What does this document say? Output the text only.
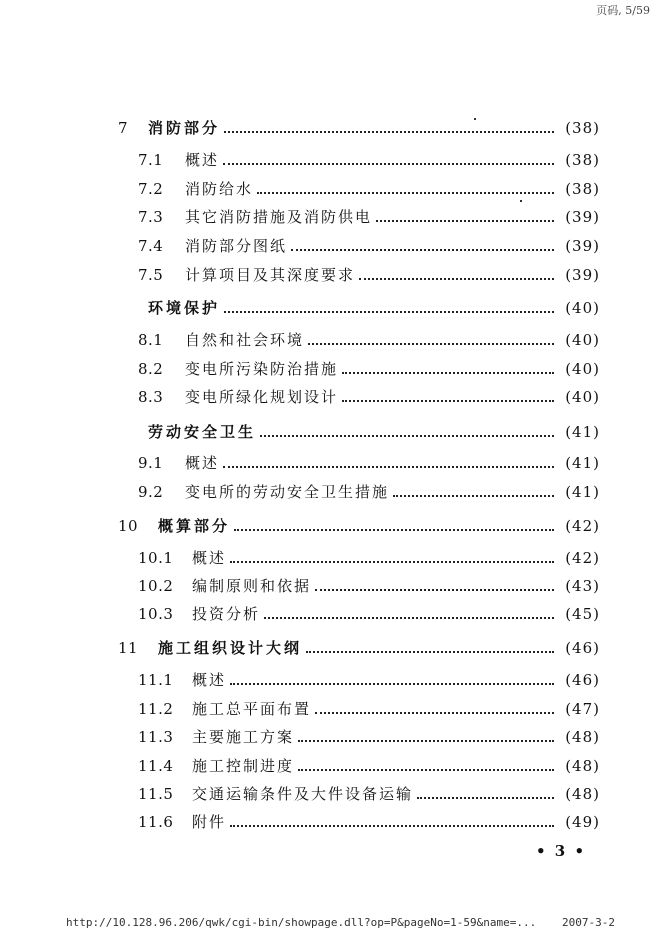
页码, 5/59
7 消防部分	(38)
7.1 概述	(38)
7.2 消防给水	(38)
7.3 其它消防措施及消防供电	(39)
7.4 消防部分图纸	(39)
7.5 计算项目及其深度要求	(39)
环境保护	(40)
8.1 自然和社会环境	(40)
8.2 变电所污染防治措施	(40)
8.3 变电所绿化规划设计	(40)
劳动安全卫生	(41)
9.1 概述	(41)
9.2 变电所的劳动安全卫生措施	(41)
10 概算部分	(42)
10.1 概述	(42)
10.2 编制原则和依据	(43)
10.3 投资分析	(45)
11 施工组织设计大纲	(46)
11.1 概述	(46)
11.2 施工总平面布置	(47)
11.3 主要施工方案	(48)
11.4 施工控制进度	(48)
11.5 交通运输条件及大件设备运输	(48)
11.6 附件	(49)
• 3 •
http://10.128.96.206/qwk/cgi-bin/showpage.dll?op=P&pageNo=1-59&name=... 2007-3-2
